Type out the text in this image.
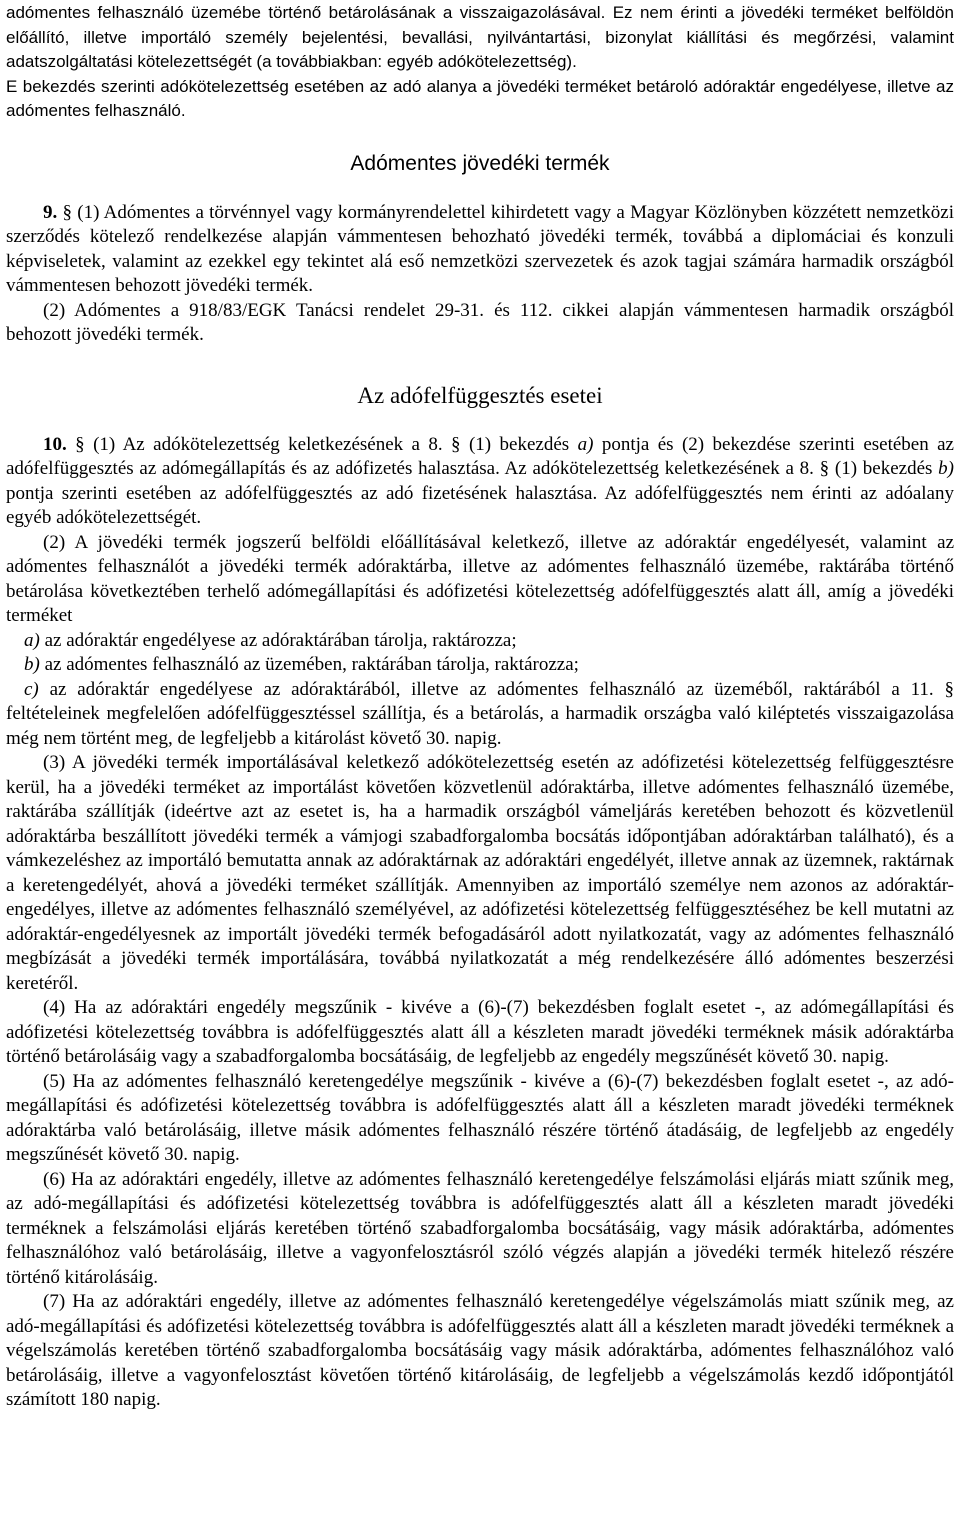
adómentes felhasználó üzemébe történő betárolásának a visszaigazolásával. Ez nem érinti a jövedéki terméket belföldön előállító, illetve importáló személy bejelentési, bevallási, nyilvántartási, bizonylat kiállítási és megőrzési, valamint adatszolgáltatási kötelezettségét (a továbbiakban: egyéb adókötelezettség).

E bekezdés szerinti adókötelezettség esetében az adó alanya a jövedéki terméket betároló adóraktár engedélyese, illetve az adómentes felhasználó.

Adómentes jövedéki termék

9. § (1) Adómentes a törvénnyel vagy kormányrendelettel kihirdetett vagy a Magyar Közlönyben közzétett nemzetközi szerződés kötelező rendelkezése alapján vámmentesen behozható jövedéki termék, továbbá a diplomáciai és konzuli képviseletek, valamint az ezekkel egy tekintet alá eső nemzetközi szervezetek és azok tagjai számára harmadik országból vámmentesen behozott jövedéki termék.

(2) Adómentes a 918/83/EGK Tanácsi rendelet 29-31. és 112. cikkei alapján vámmentesen harmadik országból behozott jövedéki termék.

Az adófelfüggesztés esetei

10. § (1) Az adókötelezettség keletkezésének a 8. § (1) bekezdés a) pontja és (2) bekezdése szerinti esetében az adófelfüggesztés az adómegállapítás és az adófizetés halasztása. Az adókötelezettség keletkezésének a 8. § (1) bekezdés b) pontja szerinti esetében az adófelfüggesztés az adó fizetésének halasztása. Az adófelfüggesztés nem érinti az adóalany egyéb adókötelezettségét.

(2) A jövedéki termék jogszerű belföldi előállításával keletkező, illetve az adóraktár engedélyesét, valamint az adómentes felhasználót a jövedéki termék adóraktárba, illetve az adómentes felhasználó üzemébe, raktárába történő betárolása következtében terhelő adómegállapítási és adófizetési kötelezettség adófelfüggesztés alatt áll, amíg a jövedéki terméket

a) az adóraktár engedélyese az adóraktárában tárolja, raktározza;

b) az adómentes felhasználó az üzemében, raktárában tárolja, raktározza;

c) az adóraktár engedélyese az adóraktárából, illetve az adómentes felhasználó az üzeméből, raktárából a 11. § feltételeinek megfelelően adófelfüggesztéssel szállítja, és a betárolás, a harmadik országba való kiléptetés visszaigazolása még nem történt meg, de legfeljebb a kitárolást követő 30. napig.

(3) A jövedéki termék importálásával keletkező adókötelezettség esetén az adófizetési kötelezettség felfüggesztésre kerül, ha a jövedéki terméket az importálást követően közvetlenül adóraktárba, illetve adómentes felhasználó üzemébe, raktárába szállítják (ideértve azt az esetet is, ha a harmadik országból vámeljárás keretében behozott és közvetlenül adóraktárba beszállított jövedéki termék a vámjogi szabadforgalomba bocsátás időpontjában adóraktárban található), és a vámkezeléshez az importáló bemutatta annak az adóraktárnak az adóraktári engedélyét, illetve annak az üzemnek, raktárnak a keretengedélyét, ahová a jövedéki terméket szállítják. Amennyiben az importáló személye nem azonos az adóraktár-engedélyes, illetve az adómentes felhasználó személyével, az adófizetési kötelezettség felfüggesztéséhez be kell mutatni az adóraktár-engedélyesnek az importált jövedéki termék befogadásáról adott nyilatkozatát, vagy az adómentes felhasználó megbízását a jövedéki termék importálására, továbbá nyilatkozatát a még rendelkezésére álló adómentes beszerzési keretéről.

(4) Ha az adóraktári engedély megszűnik - kivéve a (6)-(7) bekezdésben foglalt esetet -, az adómegállapítási és adófizetési kötelezettség továbbra is adófelfüggesztés alatt áll a készleten maradt jövedéki terméknek másik adóraktárba történő betárolásáig vagy a szabadforgalomba bocsátásáig, de legfeljebb az engedély megszűnését követő 30. napig.

(5) Ha az adómentes felhasználó keretengedélye megszűnik - kivéve a (6)-(7) bekezdésben foglalt esetet -, az adó-megállapítási és adófizetési kötelezettség továbbra is adófelfüggesztés alatt áll a készleten maradt jövedéki terméknek adóraktárba való betárolásáig, illetve másik adómentes felhasználó részére történő átadásáig, de legfeljebb az engedély megszűnését követő 30. napig.

(6) Ha az adóraktári engedély, illetve az adómentes felhasználó keretengedélye felszámolási eljárás miatt szűnik meg, az adó-megállapítási és adófizetési kötelezettség továbbra is adófelfüggesztés alatt áll a készleten maradt jövedéki terméknek a felszámolási eljárás keretében történő szabadforgalomba bocsátásáig, vagy másik adóraktárba, adómentes felhasználóhoz való betárolásáig, illetve a vagyonfelosztásról szóló végzés alapján a jövedéki termék hitelező részére történő kitárolásáig.

(7) Ha az adóraktári engedély, illetve az adómentes felhasználó keretengedélye végelszámolás miatt szűnik meg, az adó-megállapítási és adófizetési kötelezettség továbbra is adófelfüggesztés alatt áll a készleten maradt jövedéki terméknek a végelszámolás keretében történő szabadforgalomba bocsátásáig vagy másik adóraktárba, adómentes felhasználóhoz való betárolásáig, illetve a vagyonfelosztást követően történő kitárolásáig, de legfeljebb a végelszámolás kezdő időpontjától számított 180 napig.
